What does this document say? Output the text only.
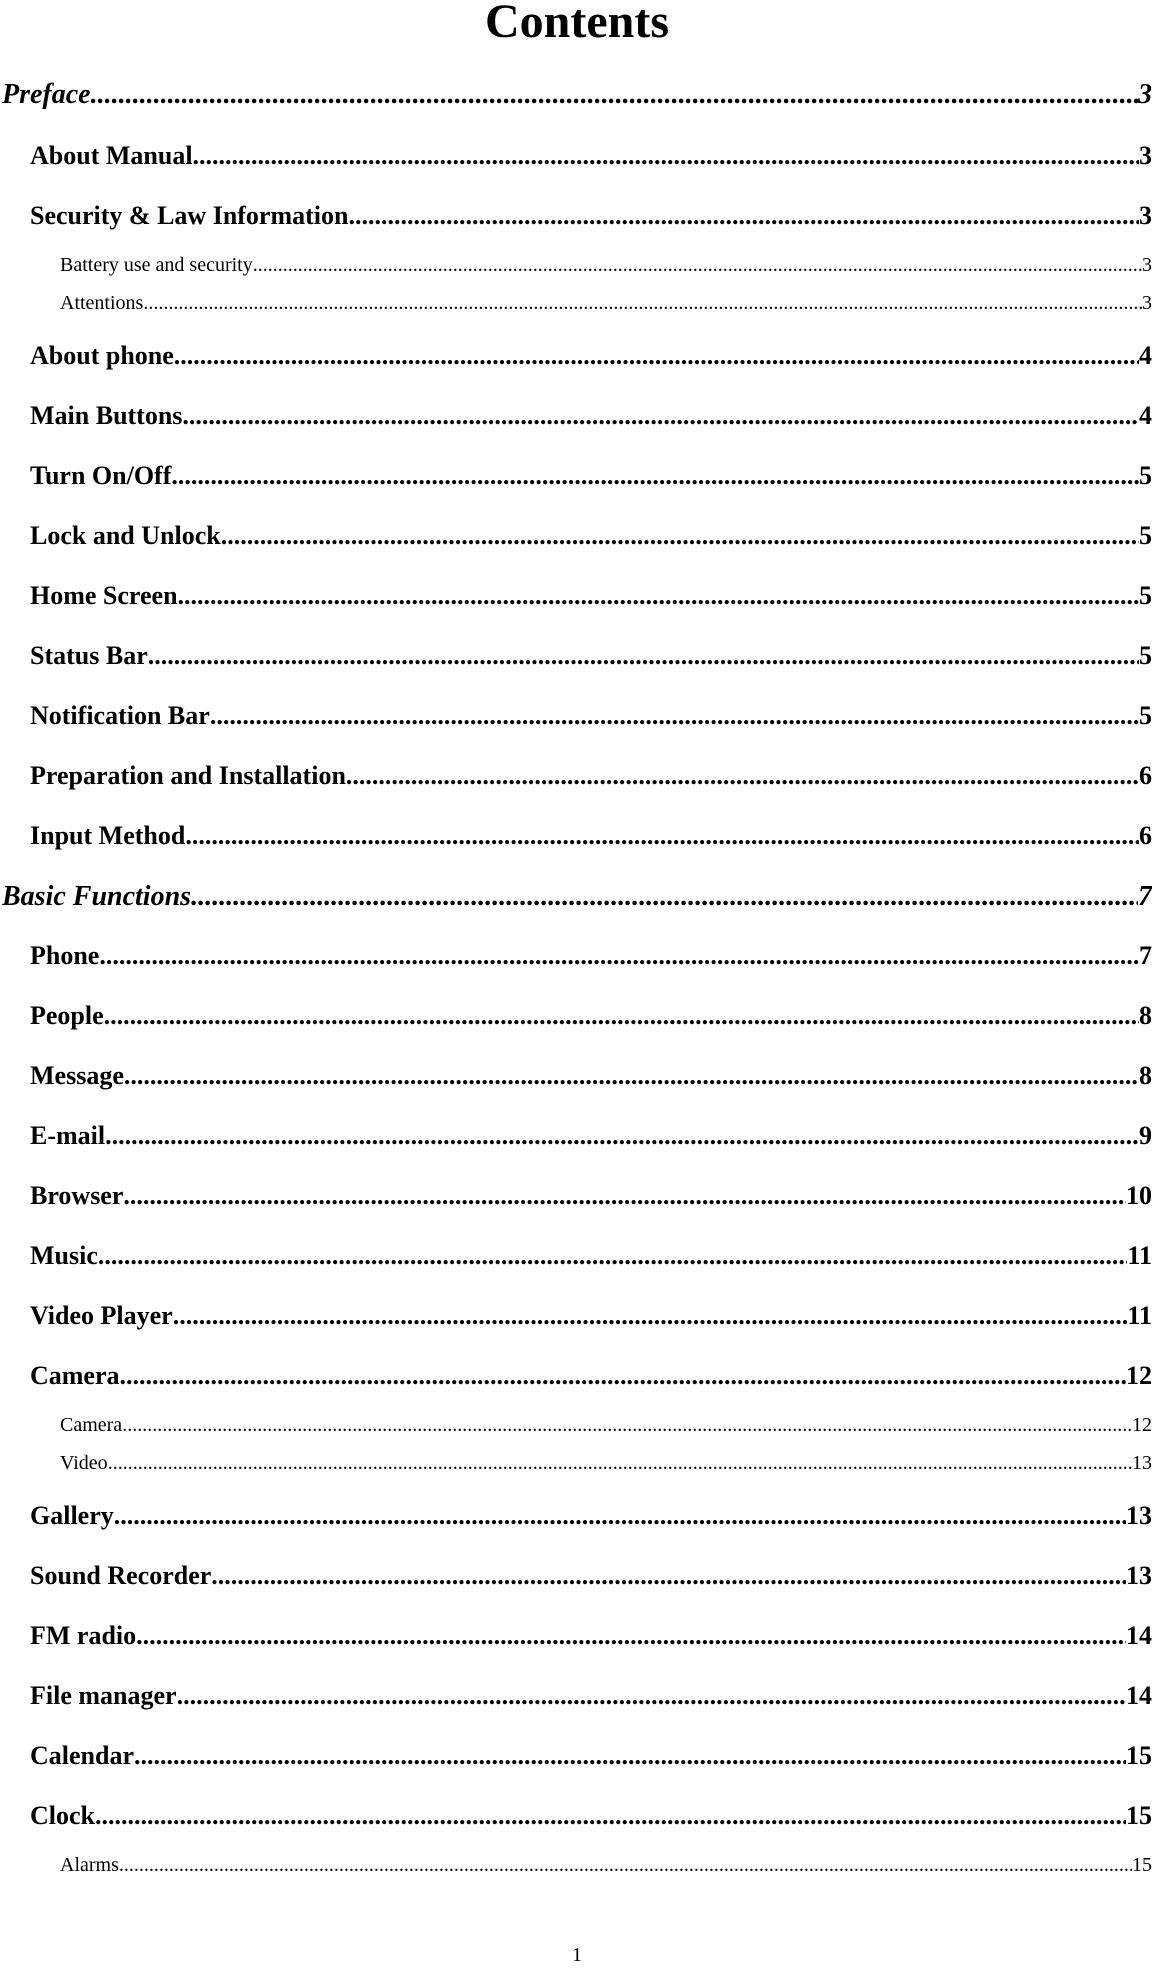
Contents
Preface .....	3
About Manual .....	3
Security & Law Information .....	3
Battery use and security .....	3
Attentions .....	3
About phone .....	4
Main Buttons .....	4
Turn On/Off .....	5
Lock and Unlock .....	5
Home Screen .....	5
Status Bar .....	5
Notification Bar .....	5
Preparation and Installation .....	6
Input Method .....	6
Basic Functions .....	7
Phone .....	7
People .....	8
Message .....	8
E-mail .....	9
Browser .....	10
Music .....	11
Video Player .....	11
Camera .....	12
Camera .....	12
Video .....	13
Gallery .....	13
Sound Recorder .....	13
FM radio .....	14
File manager .....	14
Calendar .....	15
Clock .....	15
Alarms .....	15
1
